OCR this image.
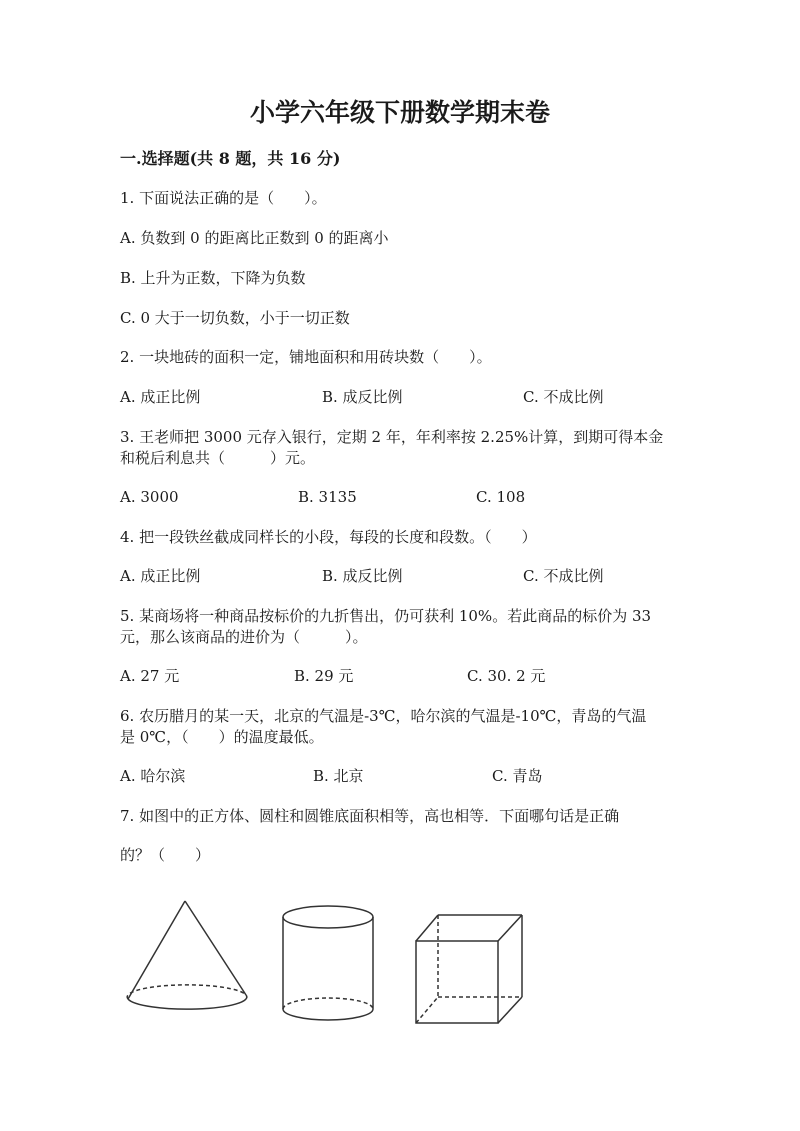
小学六年级下册数学期末卷
一.选择题(共 8 题，共 16 分)
1. 下面说法正确的是（　　）。
A. 负数到 0 的距离比正数到 0 的距离小
B. 上升为正数，下降为负数
C. 0 大于一切负数，小于一切正数
2. 一块地砖的面积一定，铺地面积和用砖块数（　　）。
A. 成正比例	B. 成反比例	C. 不成比例
3. 王老师把 3000 元存入银行，定期 2 年，年利率按 2.25%计算，到期可得本金
和税后利息共（　　　）元。
A. 3000	B. 3135	C. 108
4. 把一段铁丝截成同样长的小段，每段的长度和段数。（　　）
A. 成正比例	B. 成反比例	C. 不成比例
5. 某商场将一种商品按标价的九折售出，仍可获利 10%。若此商品的标价为 33
元，那么该商品的进价为（　　　）。
A. 27 元	B. 29 元	C. 30. 2 元
6. 农历腊月的某一天，北京的气温是-3℃，哈尔滨的气温是-10℃，青岛的气温
是 0℃，（　　）的温度最低。
A. 哈尔滨	B. 北京	C. 青岛
7. 如图中的正方体、圆柱和圆锥底面积相等，高也相等．下面哪句话是正确
的？（　　）
